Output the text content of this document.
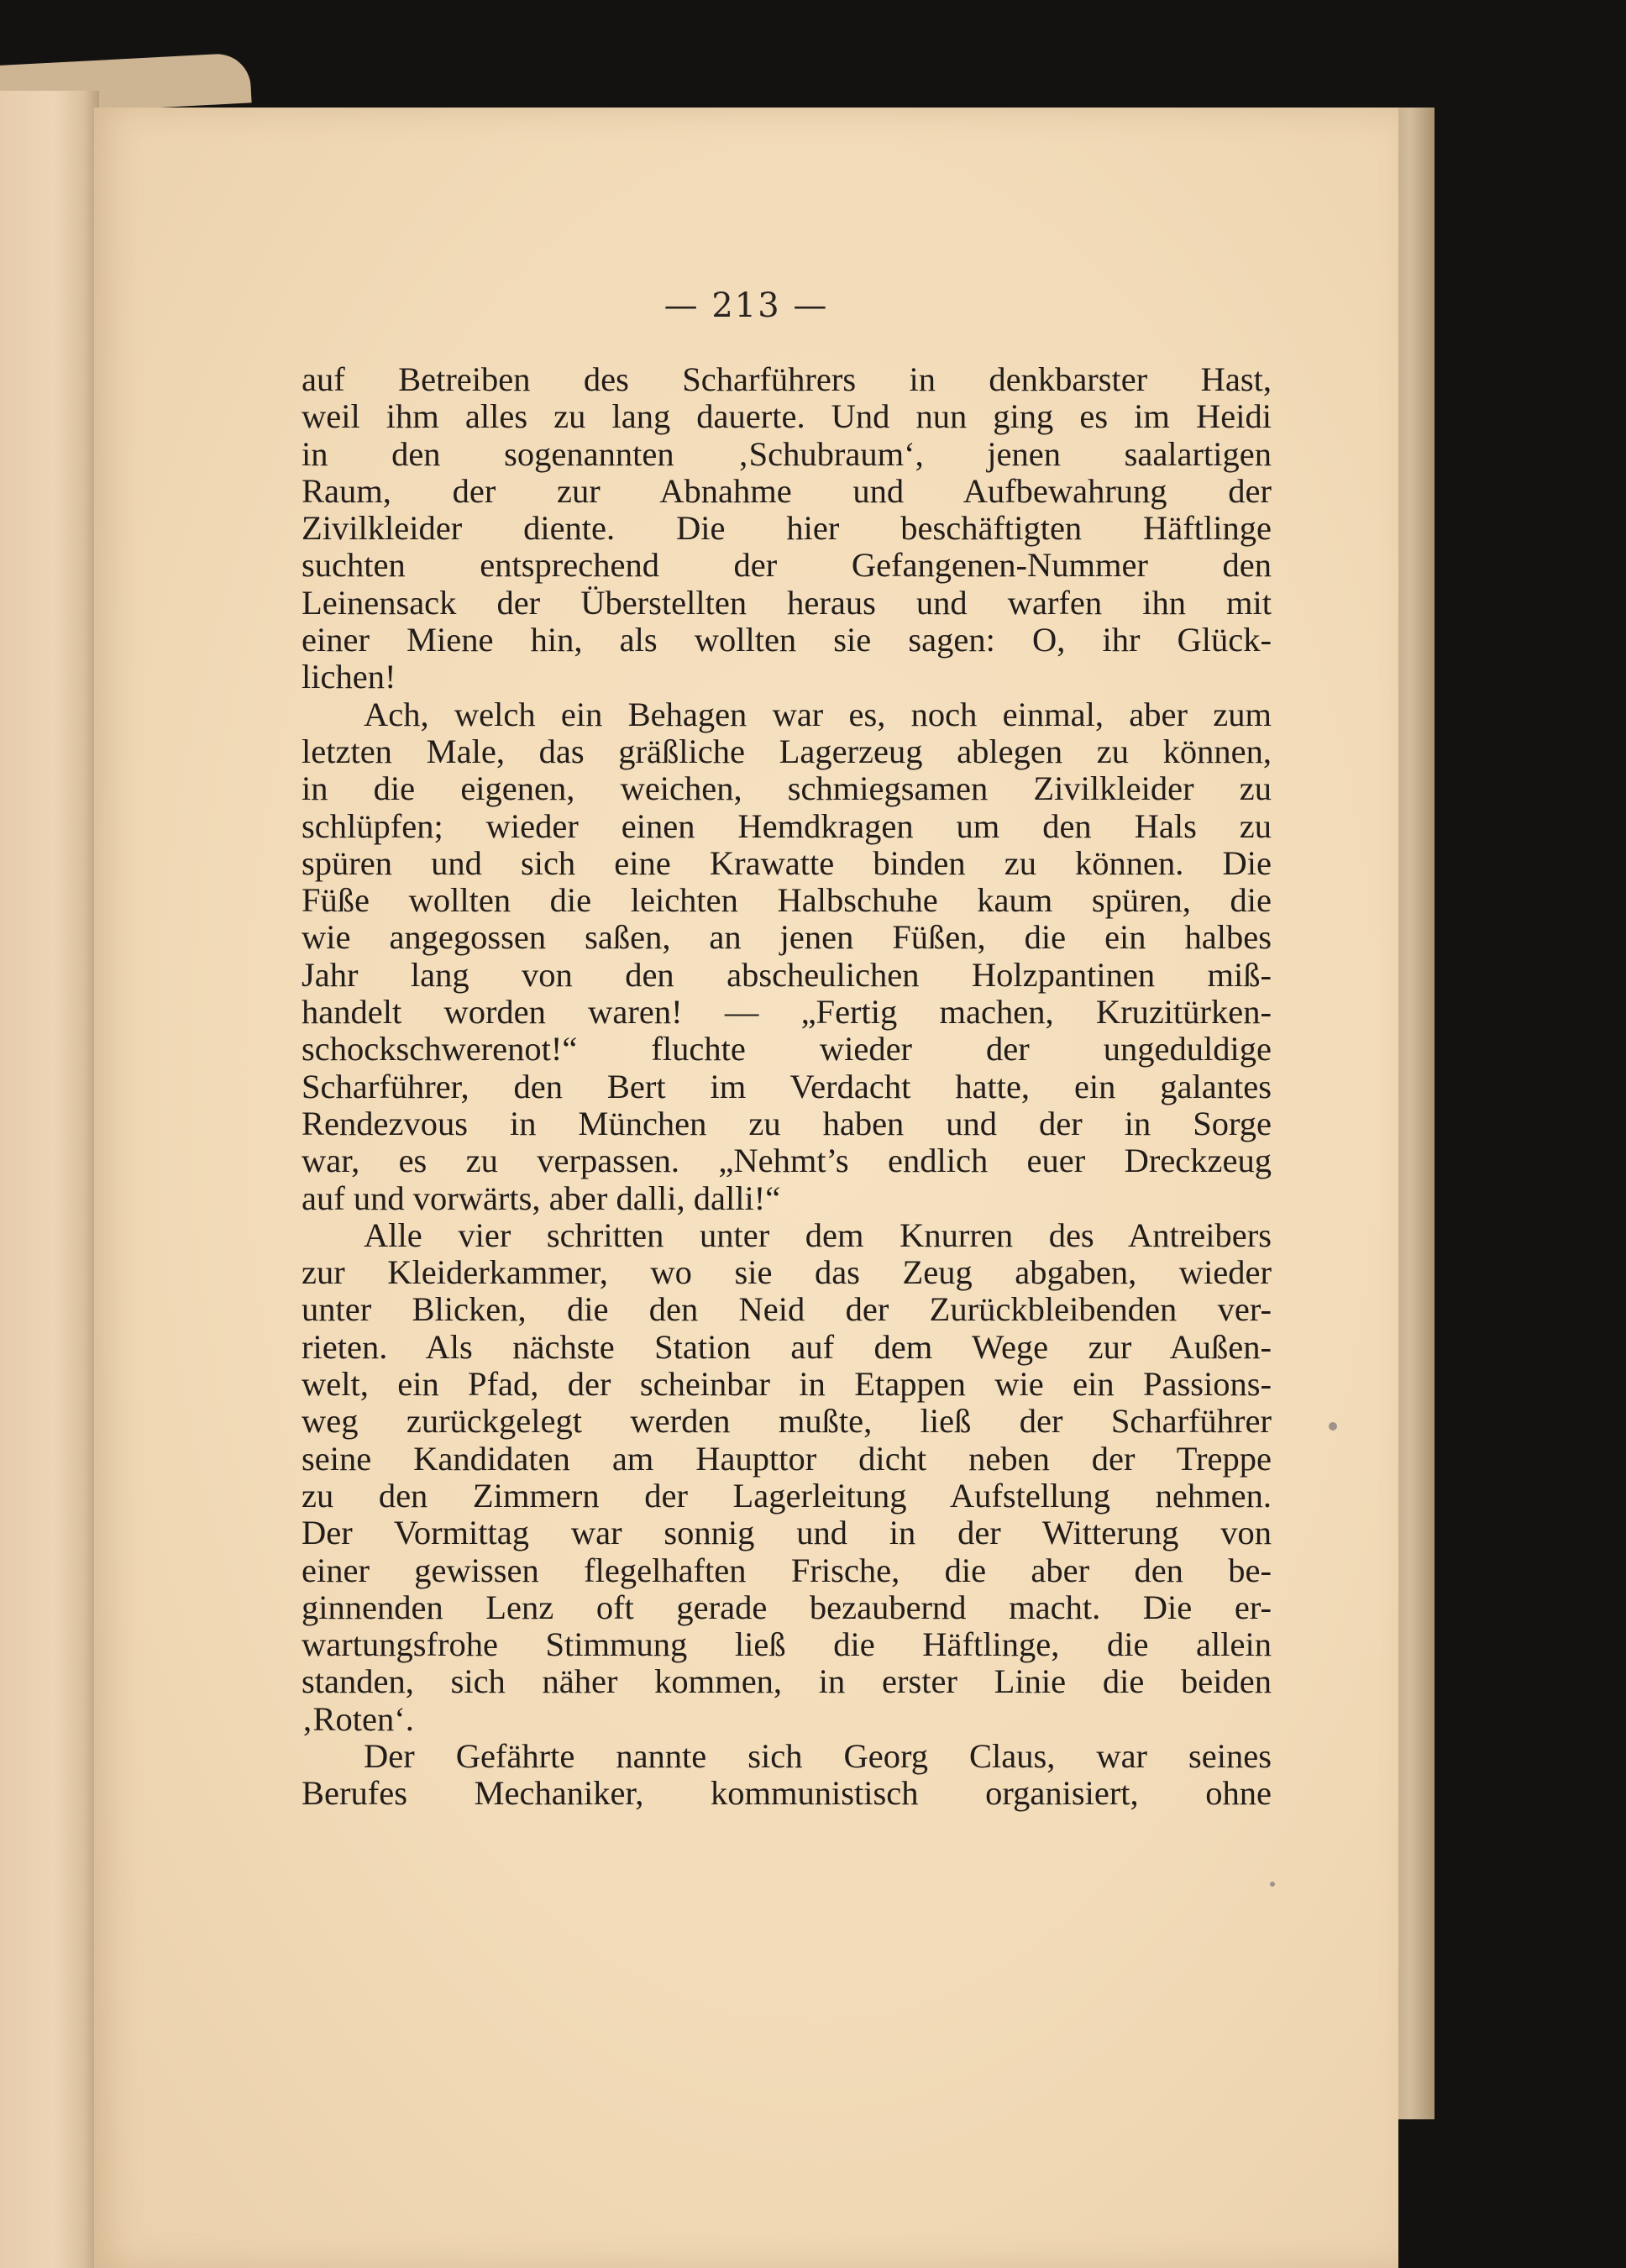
— 213 —

auf Betreiben des Scharführers in denkbarster Hast,
weil ihm alles zu lang dauerte. Und nun ging es im Heidi
in den sogenannten ‚Schubraum‘, jenen saalartigen
Raum, der zur Abnahme und Aufbewahrung der
Zivilkleider diente. Die hier beschäftigten Häftlinge
suchten entsprechend der Gefangenen-Nummer den
Leinensack der Überstellten heraus und warfen ihn mit
einer Miene hin, als wollten sie sagen: O, ihr Glück-
lichen!
Ach, welch ein Behagen war es, noch einmal, aber zum
letzten Male, das gräßliche Lagerzeug ablegen zu können,
in die eigenen, weichen, schmiegsamen Zivilkleider zu
schlüpfen; wieder einen Hemdkragen um den Hals zu
spüren und sich eine Krawatte binden zu können. Die
Füße wollten die leichten Halbschuhe kaum spüren, die
wie angegossen saßen, an jenen Füßen, die ein halbes
Jahr lang von den abscheulichen Holzpantinen miß-
handelt worden waren! — „Fertig machen, Kruzitürken-
schockschwerenot!“ fluchte wieder der ungeduldige
Scharführer, den Bert im Verdacht hatte, ein galantes
Rendezvous in München zu haben und der in Sorge
war, es zu verpassen. „Nehmt’s endlich euer Dreckzeug
auf und vorwärts, aber dalli, dalli!“
Alle vier schritten unter dem Knurren des Antreibers
zur Kleiderkammer, wo sie das Zeug abgaben, wieder
unter Blicken, die den Neid der Zurückbleibenden ver-
rieten. Als nächste Station auf dem Wege zur Außen-
welt, ein Pfad, der scheinbar in Etappen wie ein Passions-
weg zurückgelegt werden mußte, ließ der Scharführer
seine Kandidaten am Haupttor dicht neben der Treppe
zu den Zimmern der Lagerleitung Aufstellung nehmen.
Der Vormittag war sonnig und in der Witterung von
einer gewissen flegelhaften Frische, die aber den be-
ginnenden Lenz oft gerade bezaubernd macht. Die er-
wartungsfrohe Stimmung ließ die Häftlinge, die allein
standen, sich näher kommen, in erster Linie die beiden
‚Roten‘.
Der Gefährte nannte sich Georg Claus, war seines
Berufes Mechaniker, kommunistisch organisiert, ohne
